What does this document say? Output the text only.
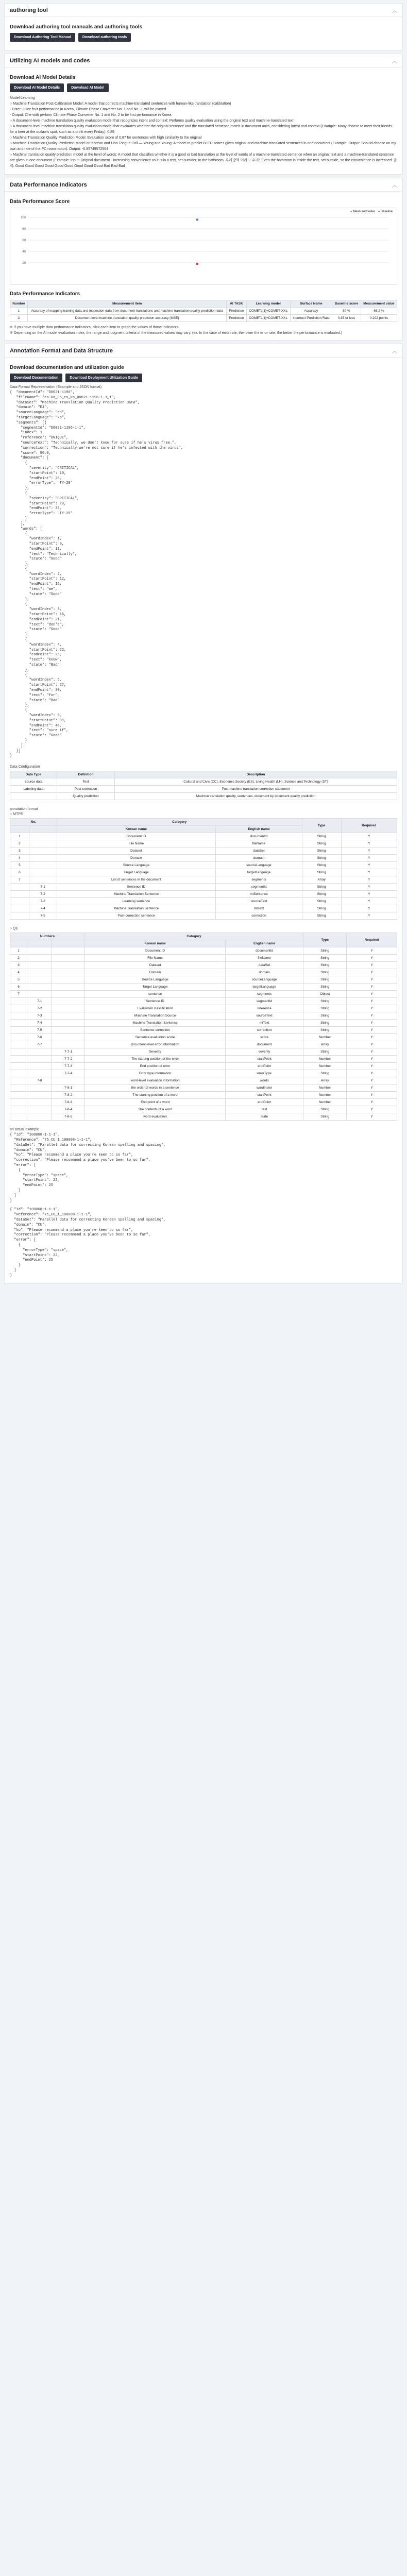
authoring tool	︿
Download authoring tool manuals and authoring tools
Download Authoring Tool Manual	Download authoring tools
Utilizing AI models and codes	︿
Download AI Model Details
Download AI Model Details	Download AI Model
Model Learning
○ Machine Translation Post-Calibration Model: A model that corrects machine-translated sentences with human-like translation (calibration)
- Enter: Juice fruit performance in Korea, Climate Phase Converter No. 1 and No. 2, will be played
- Output: Che with perform Climate Phase Converter No. 1 and No. 2 to be first performance in Korea
○ A document-level machine translation quality evaluation model that recognizes intent and context: Performs quality evaluation using the original text and machine-translated text
○ A document-level machine translation quality evaluation model that evaluates whether the original sentence and the translated sentence match in document units, considering intent and context (Example: Many choose to meet their friends for a beer at the outlaw's spot, such as a drink every Friday): 0.89
○ Machine Translation Quality Prediction Model: Evaluation score of 0.87 for sentences with high similarity to the original
○ Machine Translation Quality Prediction Model on Korean and Lion Tongue Coil — Young and Young: A model to predict BLEU scores given original and machine-translated sentences in one document (Example: Output: Should choose on my own and ride of the PC room motor): Output: -0.85749572564
○ Machine translation quality prediction model at the level of words: A model that classifies whether it is a good or bad translation at the level of words of a machine-translated sentence when an original text and a machine-translated sentence are given in one document (Example: Input: Original document - Increasing convenience as it is in a text, set outsider, to the bathroom, 우리방역 이라고 우리: 'Even the bathroom is inside the text, set outside, so the convenience is increased' 출력: Good Good Good Good Good Good Good Good Good Bad Bad Bad
Data Performance Indicators	︿
Data Performance Score
● Measured value ● Baseline
100
80
60
40
20
Data Performance Indicators
Number	Measurement item	AI TASK	Learning model	Surface Name	Baseline score	Measurement value
1	Accuracy of mapping training data and inspection data from document translations and machine translation quality prediction data	Prediction	COMETa[1]+COMET-XXL	Accuracy	80 %	86.2 %
2	Document-level machine translation quality prediction accuracy (MSE)	Prediction	COMETa[1]+COMET-XXL	Incorrect Prediction Rate	0.35 or less	0.202 points

※ If you have multiple data performance indicators, click each item to graph the values of those indicators.

※ Depending on the AI model evaluation index, the range and judgment criteria of the measured values may vary. (ex. In the case of error rate, the lower the error rate, the better the performance is evaluated.)

Annotation Format and Data Structure	︿
Download documentation and utilization guide
Download Documentation	Download Deployment Utilization Guide
Data Format Representation (Example and JSON format)
{  "documentId": "D0021-1196",
"fileName": "en-ko_D5_ex_ko_D0021-1196-1-1_1",
"dataSet": "Machine Translation Quality Prediction Data",
"domain": "E4",
"sourceLanguage": "en",
"targetLanguage": "ko",
"segments": [{
"segmentId": "D0021-1196-1-1",
"index": 1,
"reference": "UNIQUE",
"sourceText": "Technically, we don't know for sure if he's virus free.",
"correction": "Technically we're not sure if he's infected with the virus",
"score": 80.0,
"document": [
{
"severity": "CRITICAL",
"startPoint": 10,
"endPoint": 28,
"errorType": "TY-29"
},
{
"severity": "CRITICAL",
"startPoint": 29,
"endPoint": 38,
"errorType": "TY-29"
}
],
"words": [
{
"wordIndex": 1,
"startPoint": 0,
"endPoint": 11,
"text": "Technically",
"state": "Good"
},
{
"wordIndex": 2,
"startPoint": 12,
"endPoint": 15,
"text": "we",
"state": "Good"
},
{
"wordIndex": 3,
"startPoint": 16,
"endPoint": 21,
"text": "don't",
"state": "Good"
},
{
"wordIndex": 4,
"startPoint": 22,
"endPoint": 26,
"text": "know",
"state": "Bad"
},
{
"wordIndex": 5,
"startPoint": 27,
"endPoint": 30,
"text": "for",
"state": "Bad"
},
{
"wordIndex": 6,
"startPoint": 31,
"endPoint": 40,
"text": "sure if",
"state": "Good"
}
]
}]
}
Data Configuration
Data Type	Definition	Description
Source data	Text	Cultural and Civic (CC), Economic Society (ES), Living Health (LH), Science and Technology (ST)
Labeling data	Post-correction	Post machine translation correction statement
	Quality prediction	Machine translation quality, sentences, document by document quality prediction
annotation format
○ MTPE
No.		Category		Type	Required
		Korean name	English name		
1		Document ID	documentId	String	Y
2		File Name	fileName	String	Y
3		Dataset	dataSet	String	Y
4		Domain	domain	String	Y
5		Source Language	sourceLanguage	String	Y
6		Target Language	targetLanguage	String	Y
7		List of sentences in the document	segments	Array	Y
	7-1	Sentence ID	segmentId	String	Y
	7-2	Machine Translation Sentence	mtSentence	String	Y
	7-3	Learning sentence	sourceText	String	Y
	7-4	Machine Translation Sentence	mtText	String	Y
	7-5	Post-correction sentence	correction	String	Y
○ QE
Numbers			Category		Type	Required
			Korean name	English name		
1			Document ID	documentId	String	Y
2			File Name	fileName	String	Y
3			Dataset	dataSet	String	Y
4			Domain	domain	String	Y
5			Source Language	sourceLanguage	String	Y
6			Target Language	targetLanguage	String	Y
7			sentence	segments	Object	Y
	7-1		Sentence ID	segmentId	String	Y
	7-2		Evaluation classification	reference	String	Y
	7-3		Machine Translation Source	sourceText	String	Y
	7-4		Machine Translation Sentence	mtText	String	Y
	7-5		Sentence correction	correction	String	Y
	7-6		Sentence evaluation score	score	Number	Y
	7-7		document-level error information	document	Array	Y
		7-7-1	Severity	severity	String	Y
		7-7-2	The starting position of the error	startPoint	Number	Y
		7-7-3	End position of error	endPoint	Number	Y
		7-7-4	Error type information	errorType	String	Y
	7-8		word-level evaluation information	words	Array	Y
		7-8-1	the order of words in a sentence	wordIndex	Number	Y
		7-8-2	The starting position of a word	startPoint	Number	Y
		7-8-3	End point of a word	endPoint	Number	Y
		7-8-4	The contents of a word	text	String	Y
		7-8-5	word evaluation	state	String	Y
an actual example
{ "id": "100008-1-1-1",
"Reference": "75_CU_1_100008-1-1-1",
"dataSet": "Parallel data for correcting Korean spelling and spacing",
"domain": "CU",
"ko": "Please recommend a place you're keen to so far",
"correction": "Please recommend a place you've been to so far",
"error": [
{
"errorType": "space",
"startPoint": 22,
"endPoint": 25
}
]
}
{ "id": "100008-1-1-1",
"Reference": "75_CU_1_100008-1-1-1",
"dataSet": "Parallel data for correcting Korean spelling and spacing",
"domain": "CU",
"ko": "Please recommend a place you're keen to so far",
"correction": "Please recommend a place you've been to so far",
"error": [
{
"errorType": "space",
"startPoint": 22,
"endPoint": 25
}
]
}
